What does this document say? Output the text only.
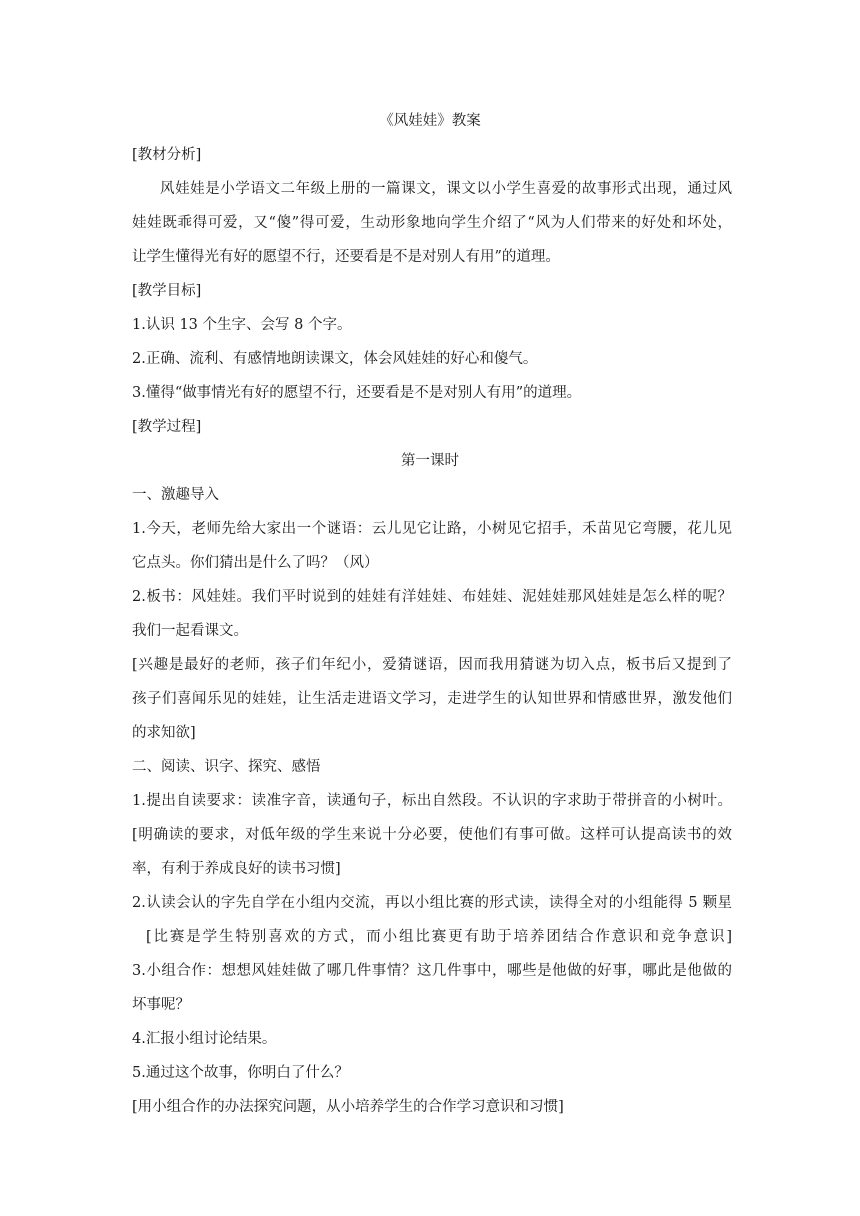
《风娃娃》教案
[教材分析]
风娃娃是小学语文二年级上册的一篇课文，课文以小学生喜爱的故事形式出现，通过风
娃娃既乖得可爱，又“傻”得可爱，生动形象地向学生介绍了“风为人们带来的好处和坏处，
让学生懂得光有好的愿望不行，还要看是不是对别人有用”的道理。
[教学目标]
1.认识 13 个生字、会写 8 个字。
2.正确、流利、有感情地朗读课文，体会风娃娃的好心和傻气。
3.懂得“做事情光有好的愿望不行，还要看是不是对别人有用”的道理。
[教学过程]
第一课时
一、激趣导入
1.今天，老师先给大家出一个谜语：云儿见它让路，小树见它招手，禾苗见它弯腰，花儿见
它点头。你们猜出是什么了吗？（风）
2.板书：风娃娃。我们平时说到的娃娃有洋娃娃、布娃娃、泥娃娃那风娃娃是怎么样的呢？
我们一起看课文。
[兴趣是最好的老师，孩子们年纪小，爱猜谜语，因而我用猜谜为切入点，板书后又提到了
孩子们喜闻乐见的娃娃，让生活走进语文学习，走进学生的认知世界和情感世界，激发他们
的求知欲]
二、阅读、识字、探究、感悟
1.提出自读要求：读准字音，读通句子，标出自然段。不认识的字求助于带拼音的小树叶。
[明确读的要求，对低年级的学生来说十分必要，使他们有事可做。这样可认提高读书的效
率，有利于养成良好的读书习惯]
2.认读会认的字先自学在小组内交流，再以小组比赛的形式读，读得全对的小组能得 5 颗星
[比赛是学生特别喜欢的方式，而小组比赛更有助于培养团结合作意识和竞争意识]
3.小组合作：想想风娃娃做了哪几件事情？这几件事中，哪些是他做的好事，哪此是他做的
坏事呢？
4.汇报小组讨论结果。
5.通过这个故事，你明白了什么？
[用小组合作的办法探究问题，从小培养学生的合作学习意识和习惯]
